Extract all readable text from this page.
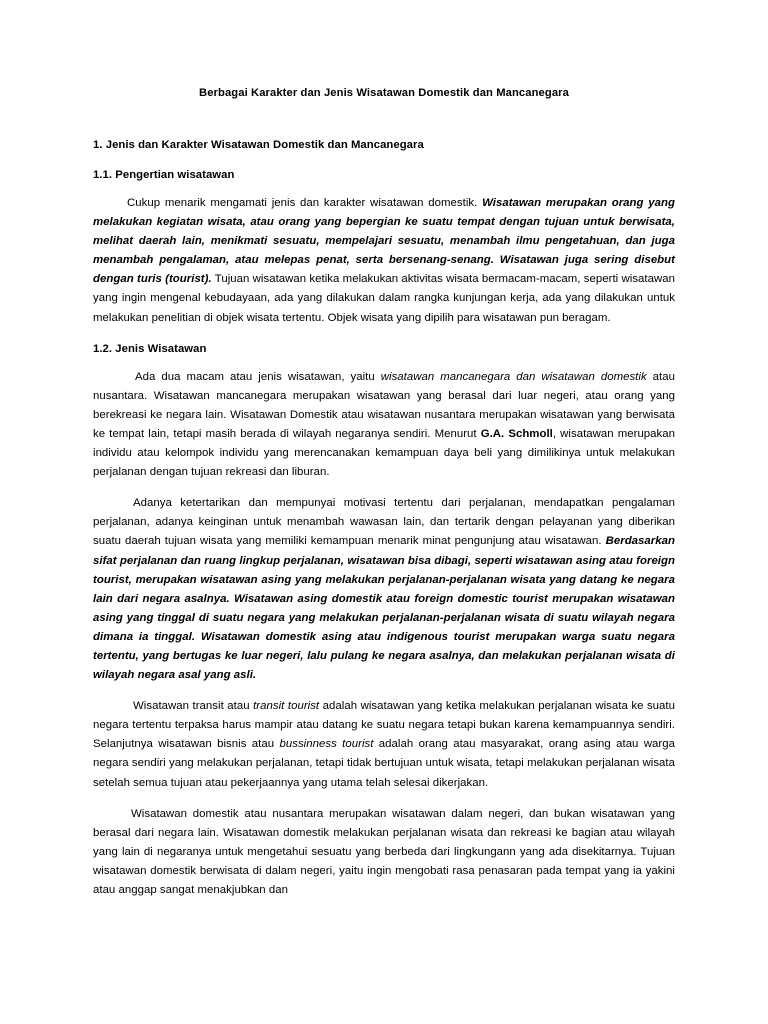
Berbagai Karakter dan Jenis Wisatawan Domestik dan Mancanegara
1. Jenis dan Karakter Wisatawan Domestik dan Mancanegara
1.1. Pengertian wisatawan

Cukup menarik mengamati jenis dan karakter wisatawan domestik. Wisatawan merupakan orang yang melakukan kegiatan wisata, atau orang yang bepergian ke suatu tempat dengan tujuan untuk berwisata, melihat daerah lain, menikmati sesuatu, mempelajari sesuatu, menambah ilmu pengetahuan, dan juga menambah pengalaman, atau melepas penat, serta bersenang-senang. Wisatawan juga sering disebut dengan turis (tourist). Tujuan wisatawan ketika melakukan aktivitas wisata bermacam-macam, seperti wisatawan yang ingin mengenal kebudayaan, ada yang dilakukan dalam rangka kunjungan kerja, ada yang dilakukan untuk melakukan penelitian di objek wisata tertentu. Objek wisata yang dipilih para wisatawan pun beragam.

1.2. Jenis Wisatawan

Ada dua macam atau jenis wisatawan, yaitu wisatawan mancanegara dan wisatawan domestik atau nusantara. Wisatawan mancanegara merupakan wisatawan yang berasal dari luar negeri, atau orang yang berekreasi ke negara lain. Wisatawan Domestik atau wisatawan nusantara merupakan wisatawan yang berwisata ke tempat lain, tetapi masih berada di wilayah negaranya sendiri. Menurut G.A. Schmoll, wisatawan merupakan individu atau kelompok individu yang merencanakan kemampuan daya beli yang dimilikinya untuk melakukan perjalanan dengan tujuan rekreasi dan liburan.

Adanya ketertarikan dan mempunyai motivasi tertentu dari perjalanan, mendapatkan pengalaman perjalanan, adanya keinginan untuk menambah wawasan lain, dan tertarik dengan pelayanan yang diberikan suatu daerah tujuan wisata yang memiliki kemampuan menarik minat pengunjung atau wisatawan. Berdasarkan sifat perjalanan dan ruang lingkup perjalanan, wisatawan bisa dibagi, seperti wisatawan asing atau foreign tourist, merupakan wisatawan asing yang melakukan perjalanan-perjalanan wisata yang datang ke negara lain dari negara asalnya. Wisatawan asing domestik atau foreign domestic tourist merupakan wisatawan asing yang tinggal di suatu negara yang melakukan perjalanan-perjalanan wisata di suatu wilayah negara dimana ia tinggal. Wisatawan domestik asing atau indigenous tourist merupakan warga suatu negara tertentu, yang bertugas ke luar negeri, lalu pulang ke negara asalnya, dan melakukan perjalanan wisata di wilayah negara asal yang asli.

Wisatawan transit atau transit tourist adalah wisatawan yang ketika melakukan perjalanan wisata ke suatu negara tertentu terpaksa harus mampir atau datang ke suatu negara tetapi bukan karena kemampuannya sendiri. Selanjutnya wisatawan bisnis atau bussinness tourist adalah orang atau masyarakat, orang asing atau warga negara sendiri yang melakukan perjalanan, tetapi tidak bertujuan untuk wisata, tetapi melakukan perjalanan wisata setelah semua tujuan atau pekerjaannya yang utama telah selesai dikerjakan.

Wisatawan domestik atau nusantara merupakan wisatawan dalam negeri, dan bukan wisatawan yang berasal dari negara lain. Wisatawan domestik melakukan perjalanan wisata dan rekreasi ke bagian atau wilayah yang lain di negaranya untuk mengetahui sesuatu yang berbeda dari lingkungann yang ada disekitarnya. Tujuan wisatawan domestik berwisata di dalam negeri, yaitu ingin mengobati rasa penasaran pada tempat yang ia yakini atau anggap sangat menakjubkan dan
